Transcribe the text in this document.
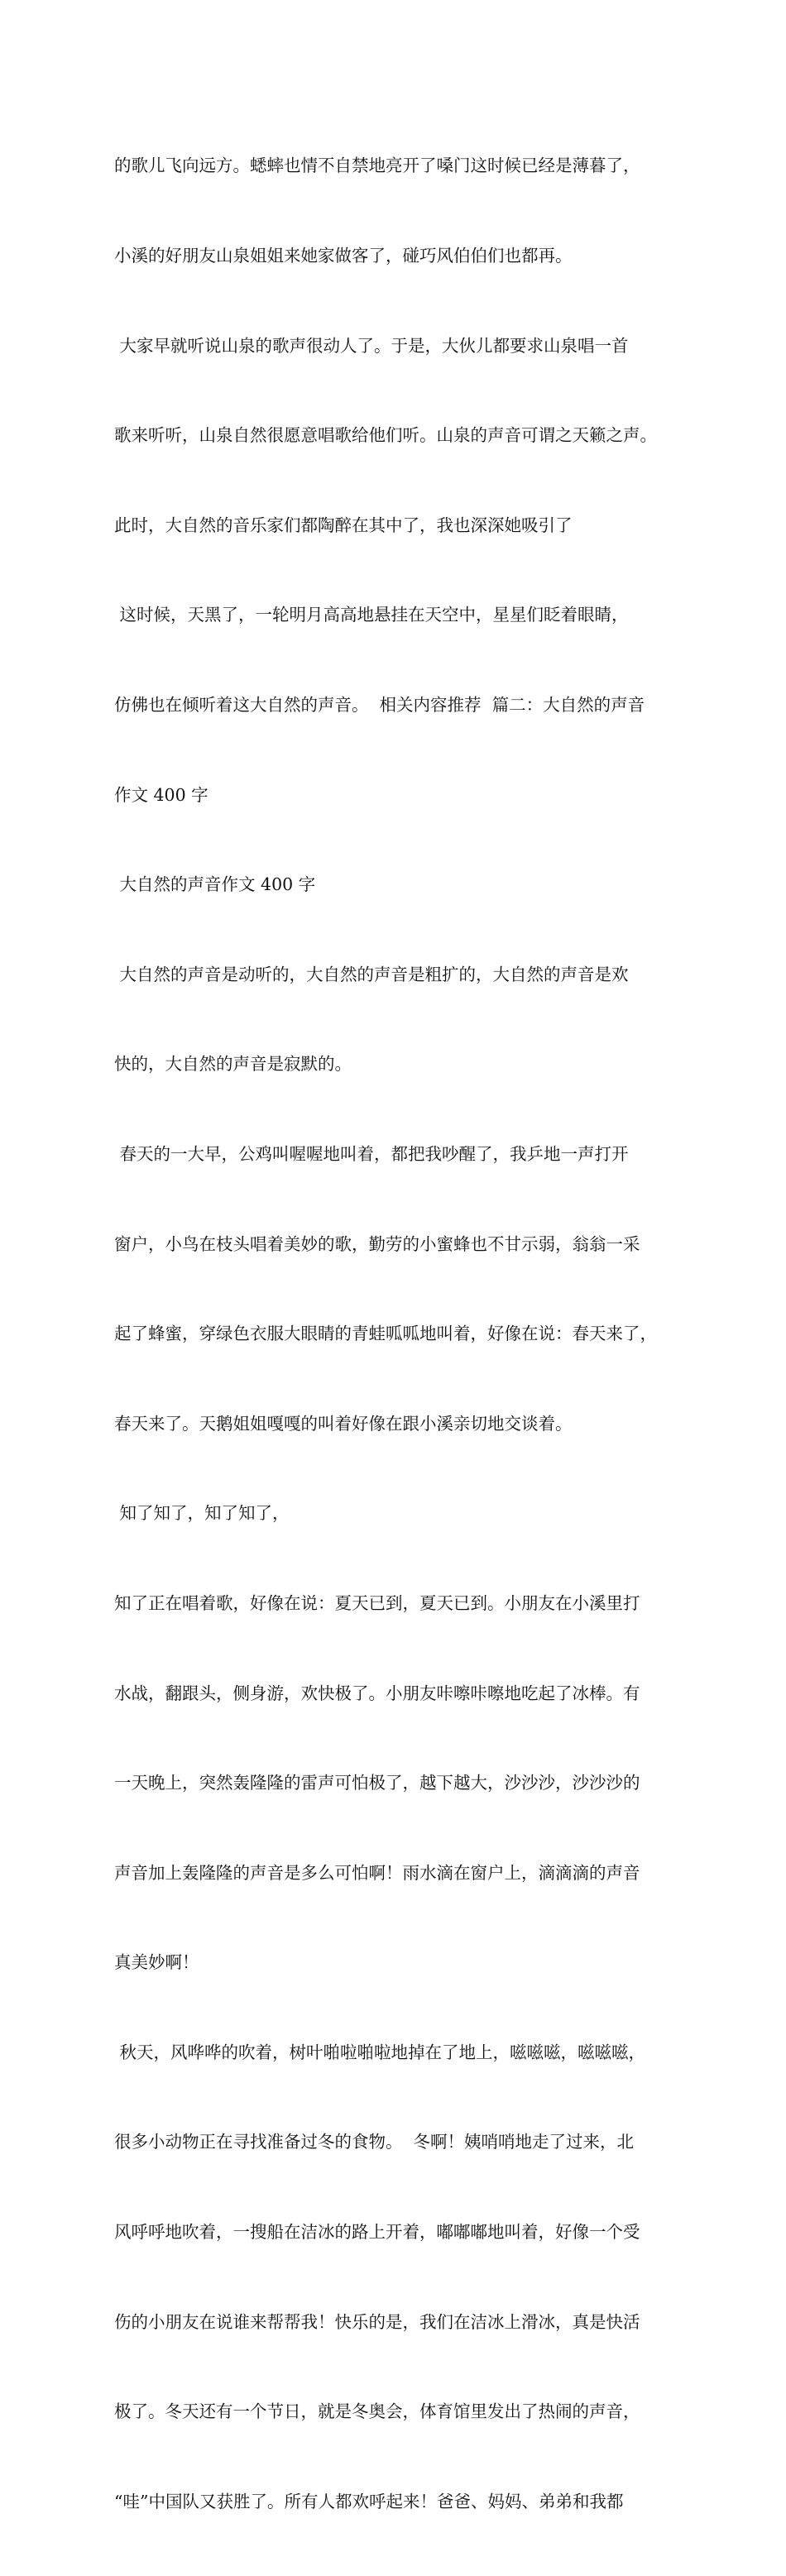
的歌儿飞向远方。蟋蟀也情不自禁地亮开了嗓门这时候已经是薄暮了，

小溪的好朋友山泉姐姐来她家做客了，碰巧风伯伯们也都再。

大家早就听说山泉的歌声很动人了。于是，大伙儿都要求山泉唱一首

歌来听听，山泉自然很愿意唱歌给他们听。山泉的声音可谓之天籁之声。

此时，大自然的音乐家们都陶醉在其中了，我也深深她吸引了

这时候，天黑了，一轮明月高高地悬挂在天空中，星星们眨着眼睛，

仿佛也在倾听着这大自然的声音。  相关内容推荐  篇二：大自然的声音

作文 400 字

大自然的声音作文 400 字

大自然的声音是动听的，大自然的声音是粗扩的，大自然的声音是欢

快的，大自然的声音是寂默的。

春天的一大早，公鸡叫喔喔地叫着，都把我吵醒了，我乒地一声打开

窗户，小鸟在枝头唱着美妙的歌，勤劳的小蜜蜂也不甘示弱，翁翁一采

起了蜂蜜，穿绿色衣服大眼睛的青蛙呱呱地叫着，好像在说：春天来了，

春天来了。天鹅姐姐嘎嘎的叫着好像在跟小溪亲切地交谈着。

知了知了，知了知了，

知了正在唱着歌，好像在说：夏天已到，夏天已到。小朋友在小溪里打

水战，翻跟头，侧身游，欢快极了。小朋友咔嚓咔嚓地吃起了冰棒。有

一天晚上，突然轰隆隆的雷声可怕极了，越下越大，沙沙沙，沙沙沙的

声音加上轰隆隆的声音是多么可怕啊！雨水滴在窗户上，滴滴滴的声音

真美妙啊！

秋天，风哗哗的吹着，树叶啪啦啪啦地掉在了地上，嗞嗞嗞，嗞嗞嗞，

很多小动物正在寻找准备过冬的食物。  冬啊！姨哨哨地走了过来，北

风呼呼地吹着，一搜船在洁冰的路上开着，嘟嘟嘟地叫着，好像一个受

伤的小朋友在说谁来帮帮我！快乐的是，我们在洁冰上滑冰，真是快活

极了。冬天还有一个节日，就是冬奥会，体育馆里发出了热闹的声音，

“哇”中国队又获胜了。所有人都欢呼起来！爸爸、妈妈、弟弟和我都
